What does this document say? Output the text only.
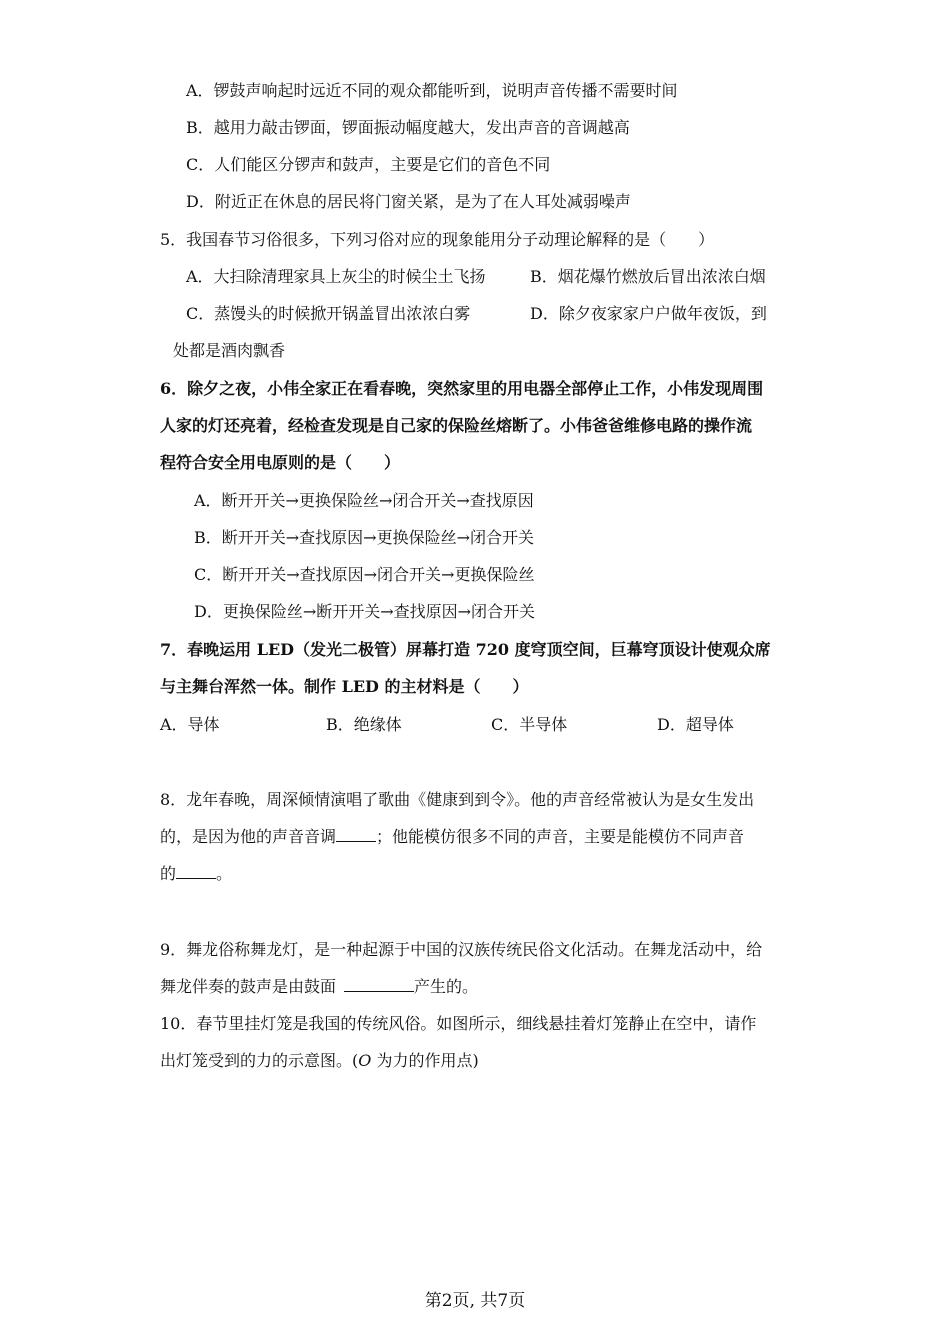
A．锣鼓声响起时远近不同的观众都能听到，说明声音传播不需要时间
B．越用力敲击锣面，锣面振动幅度越大，发出声音的音调越高
C．人们能区分锣声和鼓声，主要是它们的音色不同
D．附近正在休息的居民将门窗关紧，是为了在人耳处减弱噪声
5．我国春节习俗很多，下列习俗对应的现象能用分子动理论解释的是（　　）
A．大扫除清理家具上灰尘的时候尘土飞扬	B．烟花爆竹燃放后冒出浓浓白烟
C．蒸馒头的时候掀开锅盖冒出浓浓白雾	D．除夕夜家家户户做年夜饭，到
处都是酒肉飘香
6．除夕之夜，小伟全家正在看春晚，突然家里的用电器全部停止工作，小伟发现周围
人家的灯还亮着，经检查发现是自己家的保险丝熔断了。小伟爸爸维修电路的操作流
程符合安全用电原则的是（　　）
A．断开开关→更换保险丝→闭合开关→查找原因
B．断开开关→查找原因→更换保险丝→闭合开关
C．断开开关→查找原因→闭合开关→更换保险丝
D．更换保险丝→断开开关→查找原因→闭合开关
7．春晚运用 LED（发光二极管）屏幕打造 720 度穹顶空间，巨幕穹顶设计使观众席
与主舞台浑然一体。制作 LED 的主材料是（　　）
A．导体	B．绝缘体	C．半导体	D．超导体
8．龙年春晚，周深倾情演唱了歌曲《健康到到令》。他的声音经常被认为是女生发出
的，是因为他的声音音调	；他能模仿很多不同的声音，主要是能模仿不同声音
的	。
9．舞龙俗称舞龙灯，是一种起源于中国的汉族传统民俗文化活动。在舞龙活动中，给
舞龙伴奏的鼓声是由鼓面	产生的。
10．春节里挂灯笼是我国的传统风俗。如图所示，细线悬挂着灯笼静止在空中，请作
出灯笼受到的力的示意图。(O 为力的作用点)
第2页, 共7页
